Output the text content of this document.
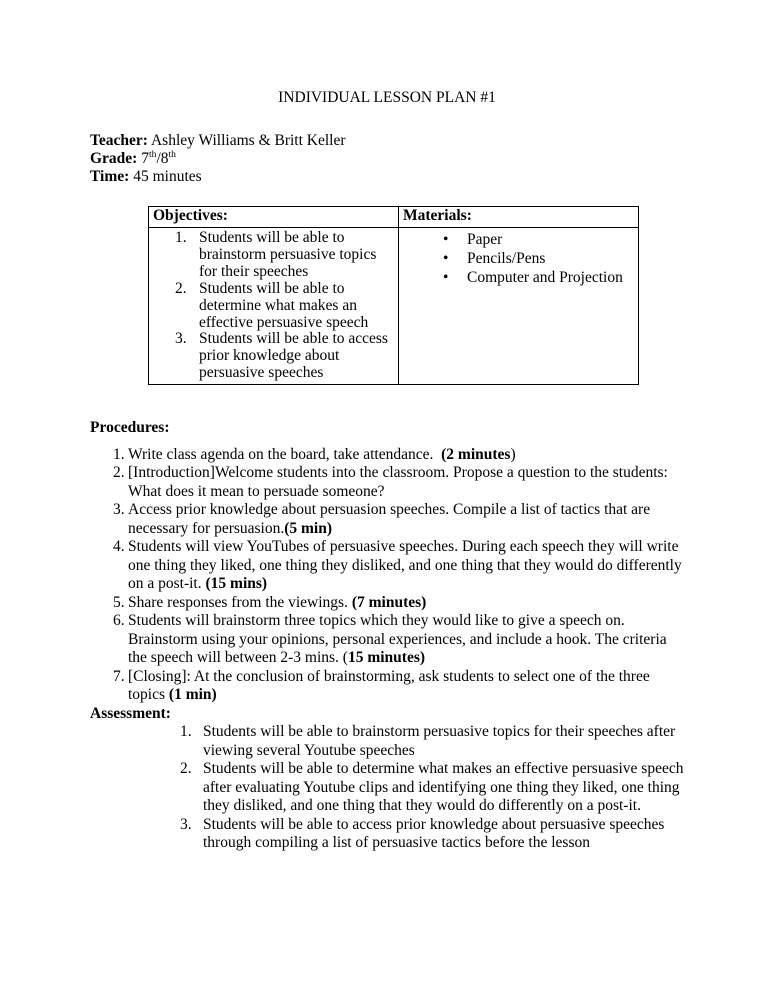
INDIVIDUAL LESSON PLAN #1

Teacher: Ashley Williams & Britt Keller

Grade: 7th/8th

Time: 45 minutes

Objectives:	Materials:

1. Students will be able to brainstorm persuasive topics for their speeches
2. Students will be able to determine what makes an effective persuasive speech
3. Students will be able to access prior knowledge about persuasive speeches

•	Paper
•	Pencils/Pens
•	Computer and Projection

Procedures:

1. Write class agenda on the board, take attendance.  (2 minutes)
2. [Introduction]Welcome students into the classroom. Propose a question to the students: What does it mean to persuade someone?
3. Access prior knowledge about persuasion speeches. Compile a list of tactics that are necessary for persuasion.(5 min)
4. Students will view YouTubes of persuasive speeches. During each speech they will write one thing they liked, one thing they disliked, and one thing that they would do differently on a post-it. (15 mins)
5. Share responses from the viewings. (7 minutes)
6. Students will brainstorm three topics which they would like to give a speech on. Brainstorm using your opinions, personal experiences, and include a hook. The criteria the speech will between 2-3 mins. (15 minutes)
7. [Closing]: At the conclusion of brainstorming, ask students to select one of the three topics (1 min)

Assessment:

1. Students will be able to brainstorm persuasive topics for their speeches after viewing several Youtube speeches
2. Students will be able to determine what makes an effective persuasive speech after evaluating Youtube clips and identifying one thing they liked, one thing they disliked, and one thing that they would do differently on a post-it.
3. Students will be able to access prior knowledge about persuasive speeches through compiling a list of persuasive tactics before the lesson
